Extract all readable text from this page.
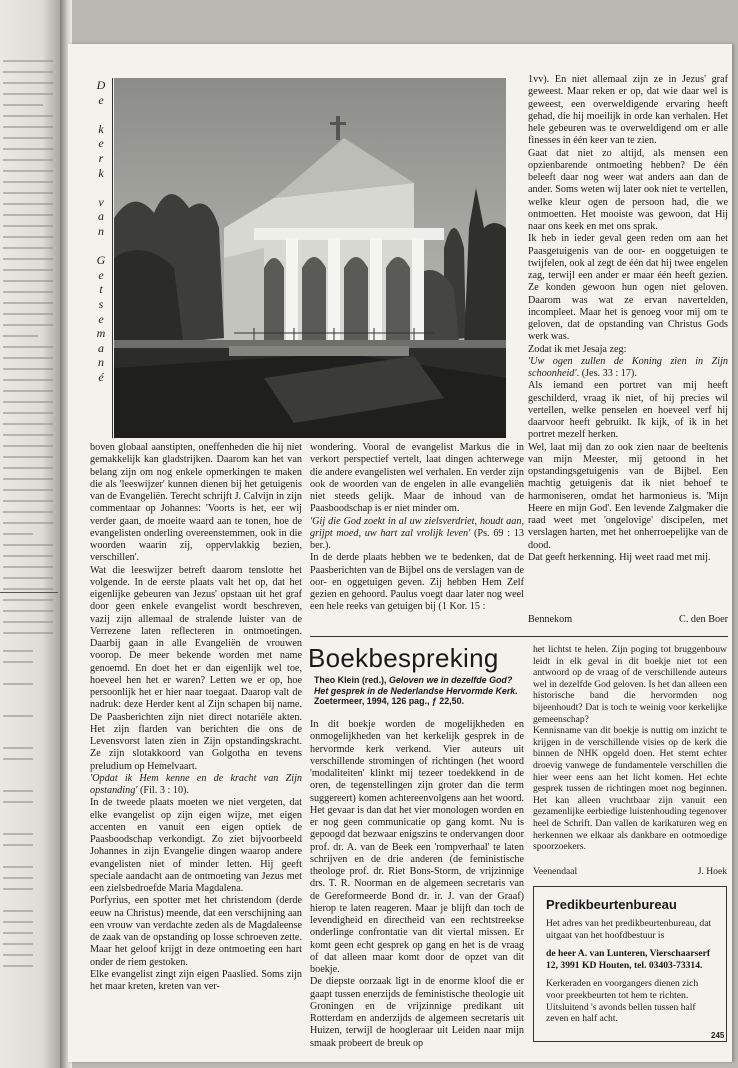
D
e

k
e
r
k

v
a
n

G
e
t
s
e
m
a
n
é

boven globaal aanstipten, oneffenheden die hij niet gemakkelijk kan gladstrijken. Daarom kan het van belang zijn om nog enkele opmerkingen te maken die als 'leeswijzer' kunnen dienen bij het getuigenis van de Evangeliën. Terecht schrijft J. Calvijn in zijn commentaar op Johannes: 'Voorts is het, eer wij verder gaan, de moeite waard aan te tonen, hoe de evangelisten onderling overeenstemmen, ook in die woorden waarin zij, oppervlakkig bezien, verschillen'.
Wat die leeswijzer betreft daarom tenslotte het volgende. In de eerste plaats valt het op, dat het eigenlijke gebeuren van Jezus' opstaan uit het graf door geen enkele evangelist wordt beschreven, vazij zijn allemaal de stralende luister van de Verrezene laten reflecteren in ontmoetingen. Daarbij gaan in alle Evangeliën de vrouwen voorop. De meer bekende worden met name genoemd. En doet het er dan eigenlijk wel toe, hoeveel hen het er waren? Letten we er op, hoe persoonlijk het er hier naar toegaat. Daarop valt de nadruk: deze Herder kent al Zijn schapen bij name. De Paasberichten zijn niet direct notariële akten. Het zijn flarden van berichten die ons de Levensvorst laten zien in Zijn opstandingskracht. Ze zijn slotakkoord van Golgotha en tevens preludium op Hemelvaart.

'Opdat ik Hem kenne en de kracht van Zijn opstanding' (Fil. 3 : 10).

In de tweede plaats moeten we niet vergeten, dat elke evangelist op zijn eigen wijze, met eigen accenten en vanuit een eigen optiek de Paasboodschap verkondigt. Zo ziet bijvoorbeeld Johannes in zijn Evangelie dingen waarop andere evangelisten niet of minder letten. Hij geeft speciale aandacht aan de ontmoeting van Jezus met een zielsbedroefde Maria Magdalena.
Porfyrius, een spotter met het christendom (derde eeuw na Christus) meende, dat een verschijning aan een vrouw van verdachte zeden als de Magdaleense de zaak van de opstanding op losse schroeven zette. Maar het geloof krijgt in deze ontmoeting een hart onder de riem gestoken.
Elke evangelist zingt zijn eigen Paaslied. Soms zijn het maar kreten, kreten van ver-

wondering. Vooral de evangelist Markus die in verkort perspectief vertelt, laat dingen achterwege die andere evangelisten wel verhalen. En verder zijn ook de woorden van de engelen in alle evangeliën niet steeds gelijk. Maar de inhoud van de Paasboodschap is er niet minder om.

'Gij die God zoekt in al uw zielsverdriet, houdt aan, grijpt moed, uw hart zal vrolijk leven' (Ps. 69 : 13 ber.).

In de derde plaats hebben we te bedenken, dat de Paasberichten van de Bijbel ons de verslagen van de oor- en oggetuigen geven. Zij hebben Hem Zelf gezien en gehoord. Paulus voegt daar later nog weel een hele reeks van getuigen bij (1 Kor. 15 :

1vv). En niet allemaal zijn ze in Jezus' graf geweest. Maar reken er op, dat wie daar wel is geweest, een overweldigende ervaring heeft gehad, die hij moeilijk in orde kan verhalen. Het hele gebeuren was te overweldigend om er alle finesses in één keer van te zien.
Gaat dat niet zo altijd, als mensen een opzienbarende ontmoeting hebben? De één beleeft daar nog weer wat anders aan dan de ander. Soms weten wij later ook niet te vertellen, welke kleur ogen de persoon had, die we ontmoetten. Het mooiste was gewoon, dat Hij naar ons keek en met ons sprak.
Ik heb in ieder geval geen reden om aan het Paasgetuigenis van de oor- en ooggetuigen te twijfelen, ook al zegt de één dat hij twee engelen zag, terwijl een ander er maar één heeft gezien. Ze konden gewoon hun ogen niet geloven. Daarom was wat ze ervan navertelden, incompleet. Maar het is genoeg voor mij om te geloven, dat de opstanding van Christus Gods werk was.
Zodat ik met Jesaja zeg:

'Uw ogen zullen de Koning zien in Zijn schoonheid'. (Jes. 33 : 17).

Als iemand een portret van mij heeft geschilderd, vraag ik niet, of hij precies wil vertellen, welke penselen en hoeveel verf hij daarvoor heeft gebruikt. Ik kijk, of ik in het portret mezelf herken.
Wel, laat mij dan zo ook zien naar de beeltenis van mijn Meester, mij getoond in het opstandingsgetuigenis van de Bijbel. Een machtig getuigenis dat ik niet behoef te harmoniseren, omdat het harmonieus is. 'Mijn Heere en mijn God'. Een levende Zalgmaker die raad weet met 'ongelovige' discipelen, met verslagen harten, met het onherroepelijke van de dood.
Dat geeft herkenning. Hij weet raad met mij.

Bennekom	C. den Boer
Boekbespreking
Theo Klein (red.), Geloven we in dezelfde God? Het gesprek in de Nederlandse Hervormde Kerk. Zoetermeer, 1994, 126 pag., ƒ 22,50.

In dit boekje worden de mogelijkheden en onmogelijkheden van het kerkelijk gesprek in de hervormde kerk verkend. Vier auteurs uit verschillende stromingen of richtingen (het woord 'modaliteiten' klinkt mij tezeer toedekkend in de oren, de tegenstellingen zijn groter dan die term suggereert) komen achtereenvolgens aan het woord. Het gevaar is dan dat het vier monologen worden en er nog geen communicatie op gang komt. Nu is gepoogd dat bezwaar enigszins te ondervangen door prof. dr. A. van de Beek een 'rompverhaal' te laten schrijven en de drie anderen (de feministische theologe prof. dr. Riet Bons-Storm, de vrijzinnige drs. T. R. Noorman en de algemeen secretaris van de Gereformeerde Bond dr. ir. J. van der Graaf) hierop te laten reageren. Maar je blijft dan toch de levendigheid en directheid van een rechtstreekse onderlinge confrontatie van dit viertal missen. Er komt geen echt gesprek op gang en het is de vraag of dat alleen maar komt door de opzet van dit boekje.
De diepste oorzaak ligt in de enorme kloof die er gaapt tussen enerzijds de feministische theologie uit Groningen en de vrijzinnige predikant uit Rotterdam en anderzijds de algemeen secretaris uit Huizen, terwijl de hoogleraar uit Leiden naar mijn smaak probeert de breuk op

het lichtst te helen. Zijn poging tot bruggenbouw leidt in elk geval in dit boekje niet tot een antwoord op de vraag of de verschillende auteurs wel in dezelfde God geloven. Is het dan alleen een historische band die hervormden nog bijeenhoudt? Dat is toch te weinig voor kerkelijke gemeenschap?
Kennisname van dit boekje is nuttig om inzicht te krijgen in de verschillende visies op de kerk die binnen de NHK opgeld doen. Het stemt echter droevig vanwege de fundamentele verschillen die hier weer eens aan het licht komen. Het echte gesprek tussen de richtingen moet nog beginnen. Het kan alleen vruchtbaar zijn vanuit een gezamenlijke eerbiedige luistenhouding tegenover heel de Schrift. Dan vallen de karikaturen weg en herkennen we elkaar als dankbare en ootmoedige spoorzoekers.

Veenendaal	J. Hoek
Predikbeurtenbureau

Het adres van het predikbeurtenbureau, dat uitgaat van het hoofdbestuur is

de heer A. van Lunteren, Vierschaarserf 12, 3991 KD Houten, tel. 03403-73314.

Kerkeraden en voorgangers dienen zich voor preekbeurten tot hem te richten. Uitsluitend 's avonds bellen tussen half zeven en half acht.

245
